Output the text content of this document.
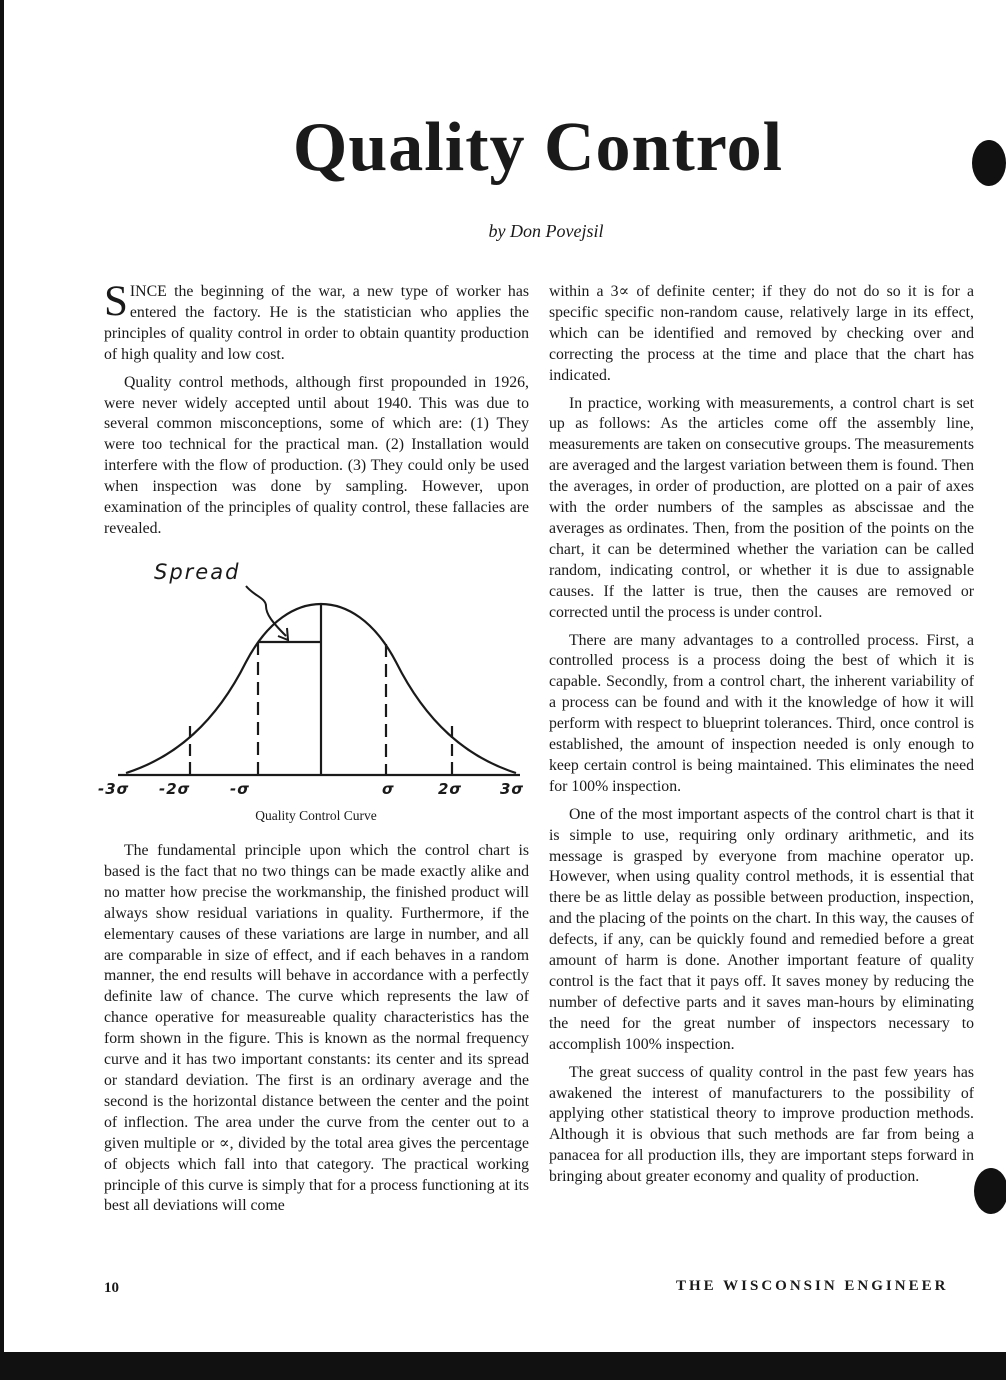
Quality Control
by Don Povejsil

SINCE the beginning of the war, a new type of worker has entered the factory. He is the statistician who applies the principles of quality control in order to obtain quantity production of high quality and low cost.

Quality control methods, although first propounded in 1926, were never widely accepted until about 1940. This was due to several common misconceptions, some of which are: (1) They were too technical for the practical man. (2) Installation would interfere with the flow of production. (3) They could only be used when inspection was done by sampling. However, upon examination of the principles of quality control, these fallacies are revealed.

Spread
-3σ -2σ	-σ	σ	2σ	3σ
Quality Control Curve

The fundamental principle upon which the control chart is based is the fact that no two things can be made exactly alike and no matter how precise the workmanship, the finished product will always show residual variations in quality. Furthermore, if the elementary causes of these variations are large in number, and all are comparable in size of effect, and if each behaves in a random manner, the end results will behave in accordance with a perfectly definite law of chance. The curve which represents the law of chance operative for measureable quality characteristics has the form shown in the figure. This is known as the normal frequency curve and it has two important constants: its center and its spread or standard deviation. The first is an ordinary average and the second is the horizontal distance between the center and the point of inflection. The area under the curve from the center out to a given multiple or ∝, divided by the total area gives the percentage of objects which fall into that category. The practical working principle of this curve is simply that for a process functioning at its best all deviations will come

within a 3∝ of definite center; if they do not do so it is for a specific specific non-random cause, relatively large in its effect, which can be identified and removed by checking over and correcting the process at the time and place that the chart has indicated.

In practice, working with measurements, a control chart is set up as follows: As the articles come off the assembly line, measurements are taken on consecutive groups. The measurements are averaged and the largest variation between them is found. Then the averages, in order of production, are plotted on a pair of axes with the order numbers of the samples as abscissae and the averages as ordinates. Then, from the position of the points on the chart, it can be determined whether the variation can be called random, indicating control, or whether it is due to assignable causes. If the latter is true, then the causes are removed or corrected until the process is under control.

There are many advantages to a controlled process. First, a controlled process is a process doing the best of which it is capable. Secondly, from a control chart, the inherent variability of a process can be found and with it the knowledge of how it will perform with respect to blueprint tolerances. Third, once control is established, the amount of inspection needed is only enough to keep certain control is being maintained. This eliminates the need for 100% inspection.

One of the most important aspects of the control chart is that it is simple to use, requiring only ordinary arithmetic, and its message is grasped by everyone from machine operator up. However, when using quality control methods, it is essential that there be as little delay as possible between production, inspection, and the placing of the points on the chart. In this way, the causes of defects, if any, can be quickly found and remedied before a great amount of harm is done. Another important feature of quality control is the fact that it pays off. It saves money by reducing the number of defective parts and it saves man-hours by eliminating the need for the great number of inspectors necessary to accomplish 100% inspection.

The great success of quality control in the past few years has awakened the interest of manufacturers to the possibility of applying other statistical theory to improve production methods. Although it is obvious that such methods are far from being a panacea for all production ills, they are important steps forward in bringing about greater economy and quality of production.

10	THE WISCONSIN ENGINEER
